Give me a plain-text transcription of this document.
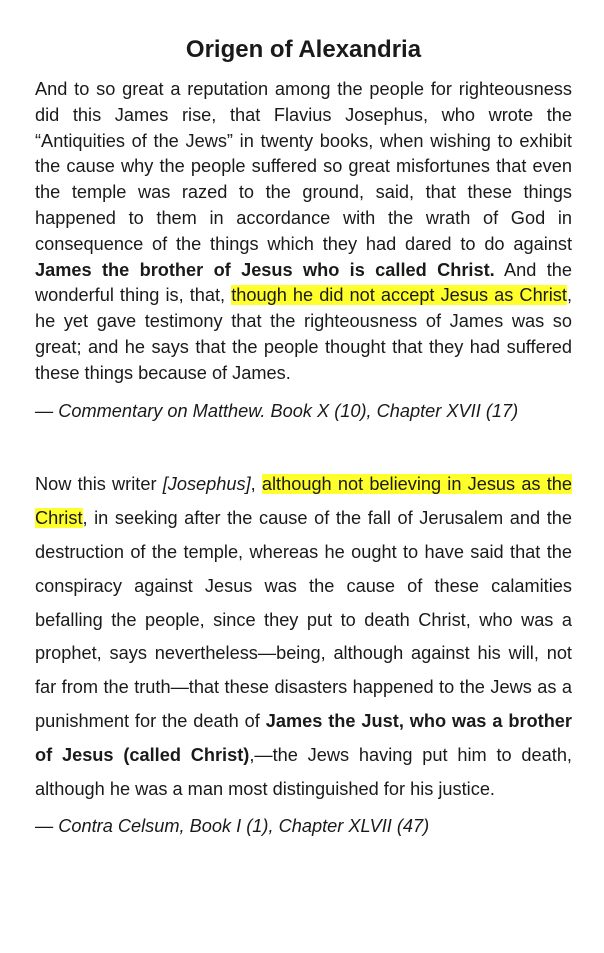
Origen of Alexandria

And to so great a reputation among the people for righteousness did this James rise, that Flavius Josephus, who wrote the “Antiquities of the Jews” in twenty books, when wishing to exhibit the cause why the people suffered so great misfortunes that even the temple was razed to the ground, said, that these things happened to them in accordance with the wrath of God in consequence of the things which they had dared to do against James the brother of Jesus who is called Christ. And the wonderful thing is, that, though he did not accept Jesus as Christ, he yet gave testimony that the righteousness of James was so great; and he says that the people thought that they had suffered these things because of James.

— Commentary on Matthew. Book X (10), Chapter XVII (17)

Now this writer [Josephus], although not believing in Jesus as the Christ, in seeking after the cause of the fall of Jerusalem and the destruction of the temple, whereas he ought to have said that the conspiracy against Jesus was the cause of these calamities befalling the people, since they put to death Christ, who was a prophet, says nevertheless—being, although against his will, not far from the truth—that these disasters happened to the Jews as a punishment for the death of James the Just, who was a brother of Jesus (called Christ),—the Jews having put him to death, although he was a man most distinguished for his justice.

— Contra Celsum, Book I (1), Chapter XLVII (47)
